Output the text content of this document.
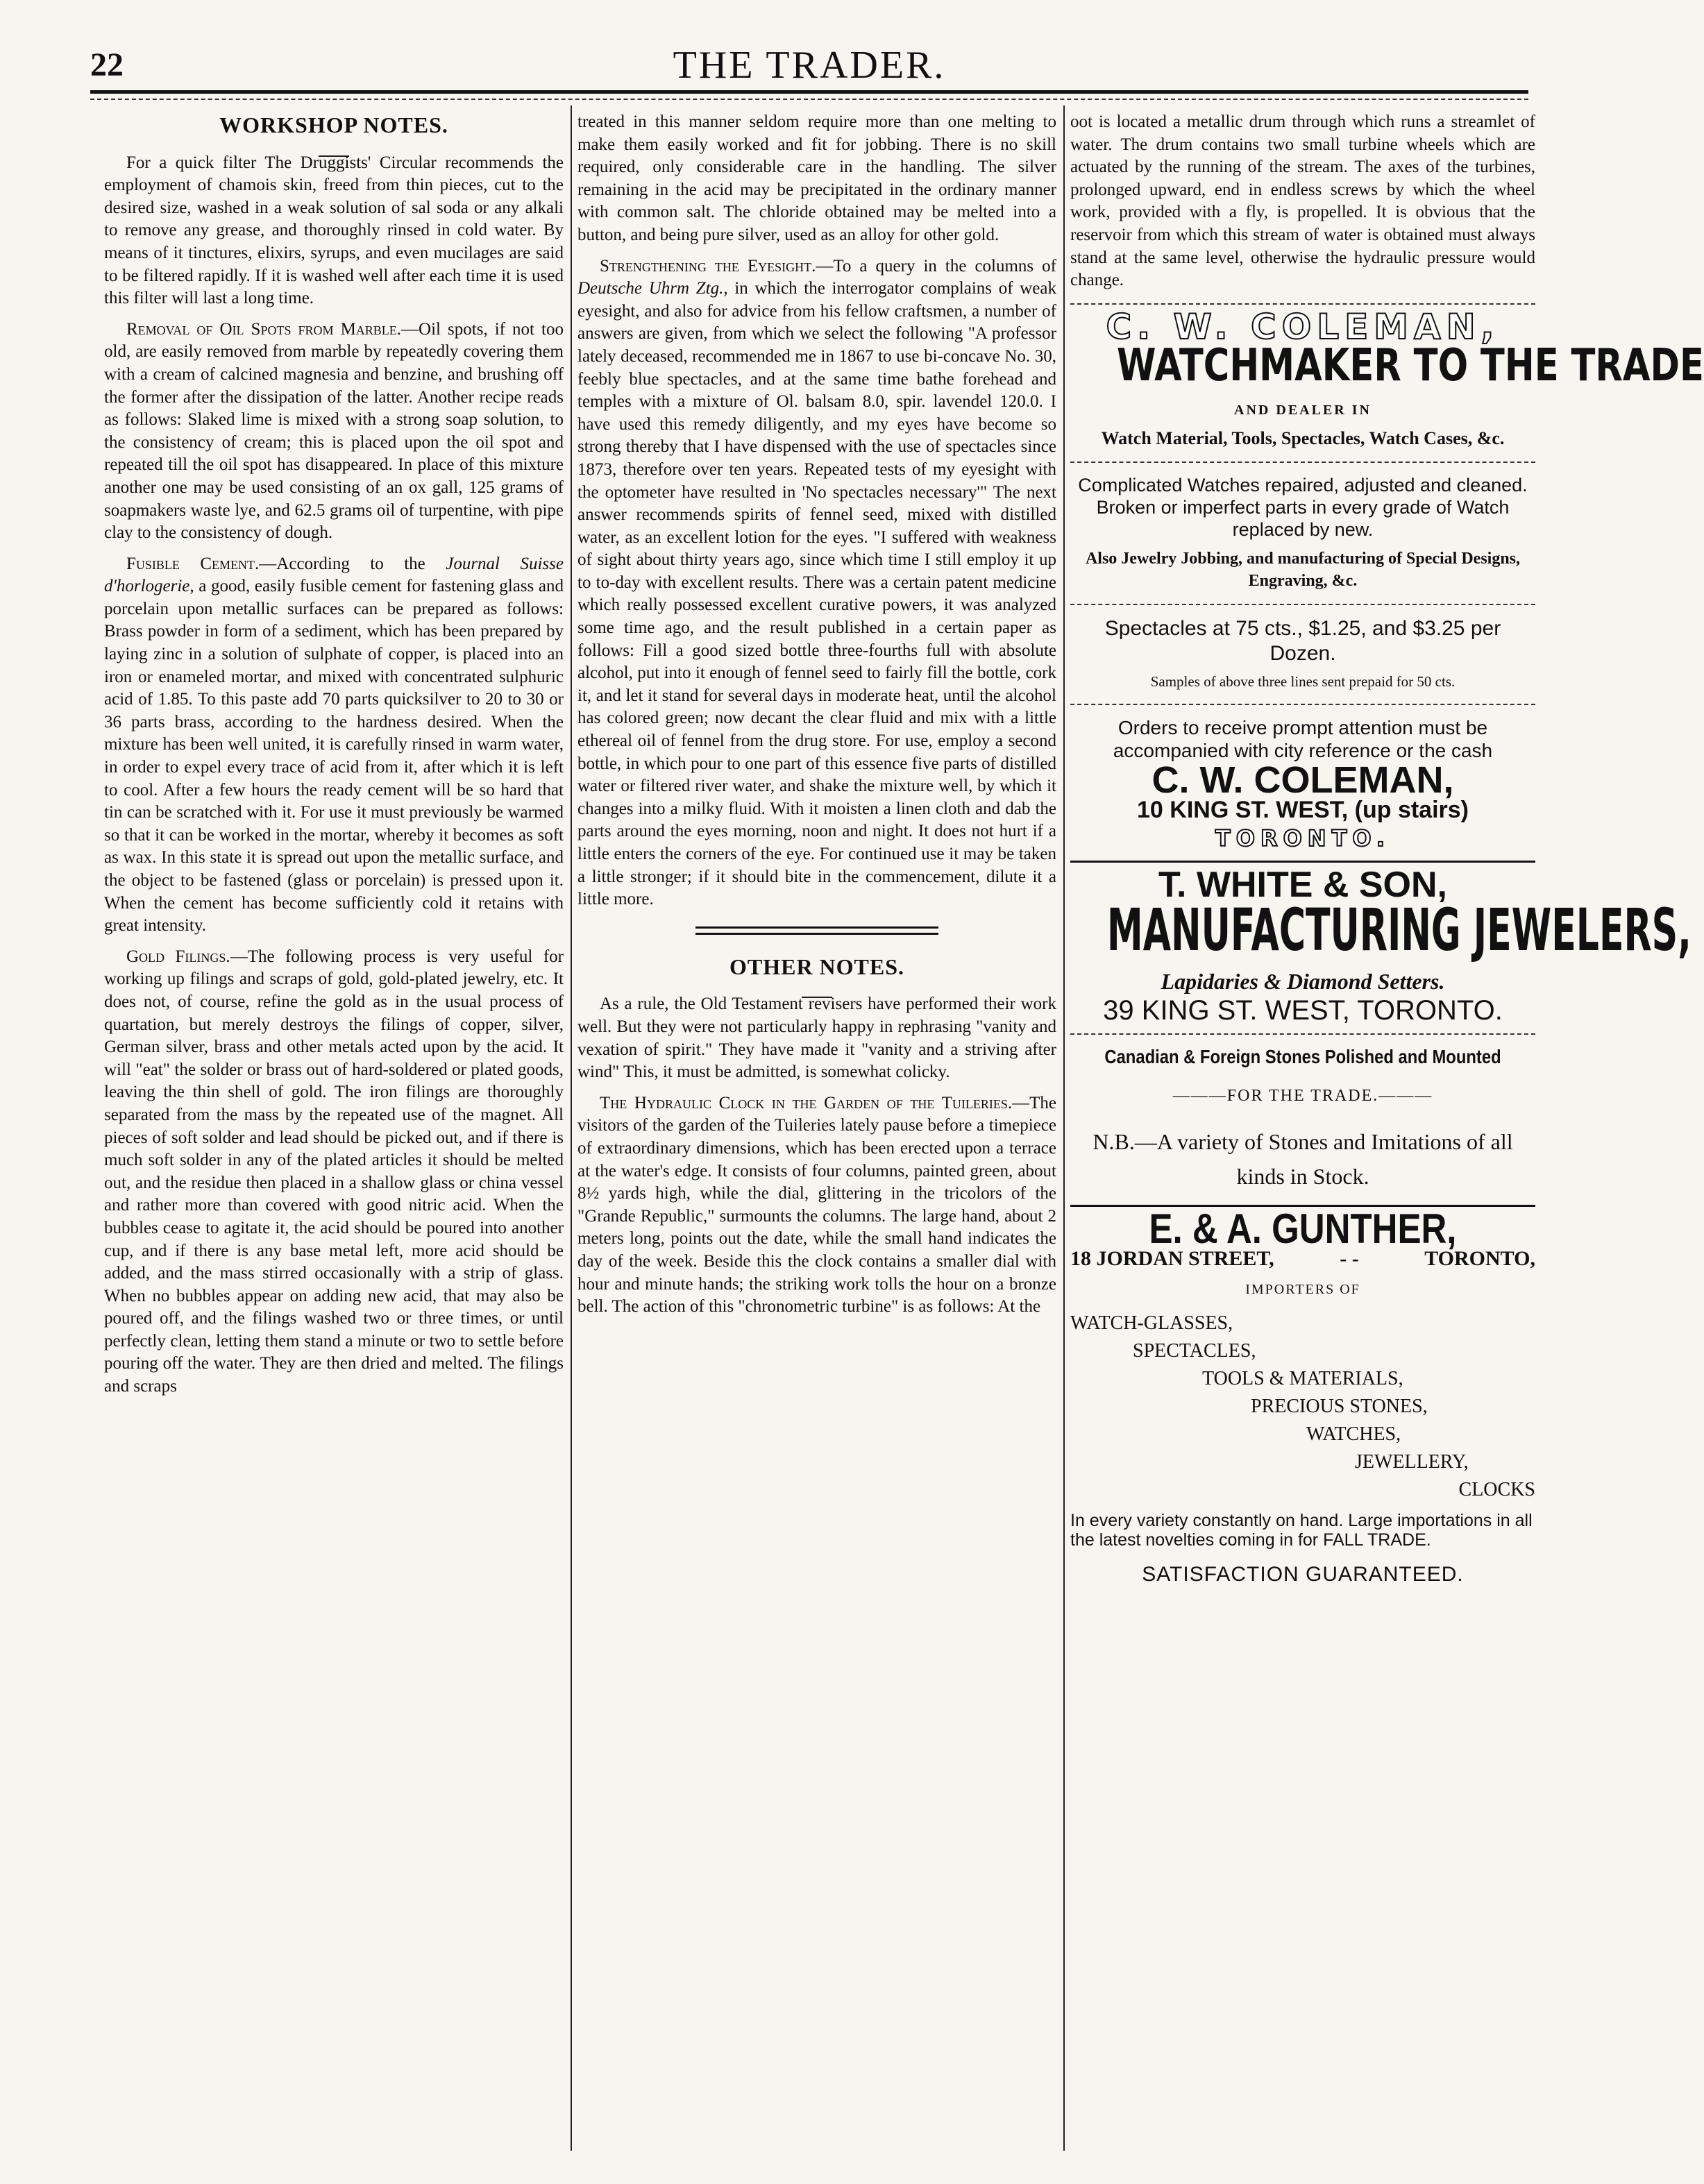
22	THE TRADER.
WORKSHOP NOTES.

For a quick filter The Druggists' Circular recommends the employment of chamois skin, freed from thin pieces, cut to the desired size, washed in a weak solution of sal soda or any alkali to remove any grease, and thoroughly rinsed in cold water. By means of it tinctures, elixirs, syrups, and even mucilages are said to be filtered rapidly. If it is washed well after each time it is used this filter will last a long time.

Removal of Oil Spots from Marble.—Oil spots, if not too old, are easily removed from marble by repeatedly covering them with a cream of calcined magnesia and benzine, and brushing off the former after the dissipation of the latter. Another recipe reads as follows: Slaked lime is mixed with a strong soap solution, to the consistency of cream; this is placed upon the oil spot and repeated till the oil spot has disappeared. In place of this mixture another one may be used consisting of an ox gall, 125 grams of soapmakers waste lye, and 62.5 grams oil of turpentine, with pipe clay to the consistency of dough.

Fusible Cement.—According to the Journal Suisse d'horlogerie, a good, easily fusible cement for fastening glass and porcelain upon metallic surfaces can be prepared as follows: Brass powder in form of a sediment, which has been prepared by laying zinc in a solution of sulphate of copper, is placed into an iron or enameled mortar, and mixed with concentrated sulphuric acid of 1.85. To this paste add 70 parts quicksilver to 20 to 30 or 36 parts brass, according to the hardness desired. When the mixture has been well united, it is carefully rinsed in warm water, in order to expel every trace of acid from it, after which it is left to cool. After a few hours the ready cement will be so hard that tin can be scratched with it. For use it must previously be warmed so that it can be worked in the mortar, whereby it becomes as soft as wax. In this state it is spread out upon the metallic surface, and the object to be fastened (glass or porcelain) is pressed upon it. When the cement has become sufficiently cold it retains with great intensity.

Gold Filings.—The following process is very useful for working up filings and scraps of gold, gold-plated jewelry, etc. It does not, of course, refine the gold as in the usual process of quartation, but merely destroys the filings of copper, silver, German silver, brass and other metals acted upon by the acid. It will "eat" the solder or brass out of hard-soldered or plated goods, leaving the thin shell of gold. The iron filings are thoroughly separated from the mass by the repeated use of the magnet. All pieces of soft solder and lead should be picked out, and if there is much soft solder in any of the plated articles it should be melted out, and the residue then placed in a shallow glass or china vessel and rather more than covered with good nitric acid. When the bubbles cease to agitate it, the acid should be poured into another cup, and if there is any base metal left, more acid should be added, and the mass stirred occasionally with a strip of glass. When no bubbles appear on adding new acid, that may also be poured off, and the filings washed two or three times, or until perfectly clean, letting them stand a minute or two to settle before pouring off the water. They are then dried and melted. The filings and scraps

treated in this manner seldom require more than one melting to make them easily worked and fit for jobbing. There is no skill required, only considerable care in the handling. The silver remaining in the acid may be precipitated in the ordinary manner with common salt. The chloride obtained may be melted into a button, and being pure silver, used as an alloy for other gold.

Strengthening the Eyesight.—To a query in the columns of Deutsche Uhrm Ztg., in which the interrogator complains of weak eyesight, and also for advice from his fellow craftsmen, a number of answers are given, from which we select the following "A professor lately deceased, recommended me in 1867 to use bi-concave No. 30, feebly blue spectacles, and at the same time bathe forehead and temples with a mixture of Ol. balsam 8.0, spir. lavendel 120.0. I have used this remedy diligently, and my eyes have become so strong thereby that I have dispensed with the use of spectacles since 1873, therefore over ten years. Repeated tests of my eyesight with the optometer have resulted in 'No spectacles necessary'" The next answer recommends spirits of fennel seed, mixed with distilled water, as an excellent lotion for the eyes. "I suffered with weakness of sight about thirty years ago, since which time I still employ it up to to-day with excellent results. There was a certain patent medicine which really possessed excellent curative powers, it was analyzed some time ago, and the result published in a certain paper as follows: Fill a good sized bottle three-fourths full with absolute alcohol, put into it enough of fennel seed to fairly fill the bottle, cork it, and let it stand for several days in moderate heat, until the alcohol has colored green; now decant the clear fluid and mix with a little ethereal oil of fennel from the drug store. For use, employ a second bottle, in which pour to one part of this essence five parts of distilled water or filtered river water, and shake the mixture well, by which it changes into a milky fluid. With it moisten a linen cloth and dab the parts around the eyes morning, noon and night. It does not hurt if a little enters the corners of the eye. For continued use it may be taken a little stronger; if it should bite in the commencement, dilute it a little more.

OTHER NOTES.

As a rule, the Old Testament revisers have performed their work well. But they were not particularly happy in rephrasing "vanity and vexation of spirit." They have made it "vanity and a striving after wind" This, it must be admitted, is somewhat colicky.

The Hydraulic Clock in the Garden of the Tuileries.—The visitors of the garden of the Tuileries lately pause before a timepiece of extraordinary dimensions, which has been erected upon a terrace at the water's edge. It consists of four columns, painted green, about 8½ yards high, while the dial, glittering in the tricolors of the "Grande Republic," surmounts the columns. The large hand, about 2 meters long, points out the date, while the small hand indicates the day of the week. Beside this the clock contains a smaller dial with hour and minute hands; the striking work tolls the hour on a bronze bell. The action of this "chronometric turbine" is as follows: At the

oot is located a metallic drum through which runs a streamlet of water. The drum contains two small turbine wheels which are actuated by the running of the stream. The axes of the turbines, prolonged upward, end in endless screws by which the wheel work, provided with a fly, is propelled. It is obvious that the reservoir from which this stream of water is obtained must always stand at the same level, otherwise the hydraulic pressure would change.

C. W. COLEMAN,
WATCHMAKER TO THE TRADE
AND DEALER IN
Watch Material, Tools, Spectacles, Watch Cases, &c.
Complicated Watches repaired, adjusted and cleaned. Broken or imperfect parts in every grade of Watch replaced by new.
Also Jewelry Jobbing, and manufacturing of Special Designs, Engraving, &c.
Spectacles at 75 cts., $1.25, and $3.25 per Dozen.
Samples of above three lines sent prepaid for 50 cts.
Orders to receive prompt attention must be accompanied with city reference or the cash
C. W. COLEMAN,
10 KING ST. WEST, (up stairs)
TORONTO.
T. WHITE & SON,
MANUFACTURING JEWELERS,
Lapidaries & Diamond Setters.
39 KING ST. WEST, TORONTO.
Canadian & Foreign Stones Polished and Mounted
———FOR THE TRADE.———
N.B.—A variety of Stones and Imitations of all kinds in Stock.
E. & A. GUNTHER,
18 JORDAN STREET,	- -	TORONTO,
IMPORTERS OF
WATCH-GLASSES,
SPECTACLES,
TOOLS & MATERIALS,
PRECIOUS STONES,
WATCHES,
JEWELLERY,
CLOCKS
In every variety constantly on hand. Large importations in all the latest novelties coming in for FALL TRADE.
SATISFACTION GUARANTEED.
